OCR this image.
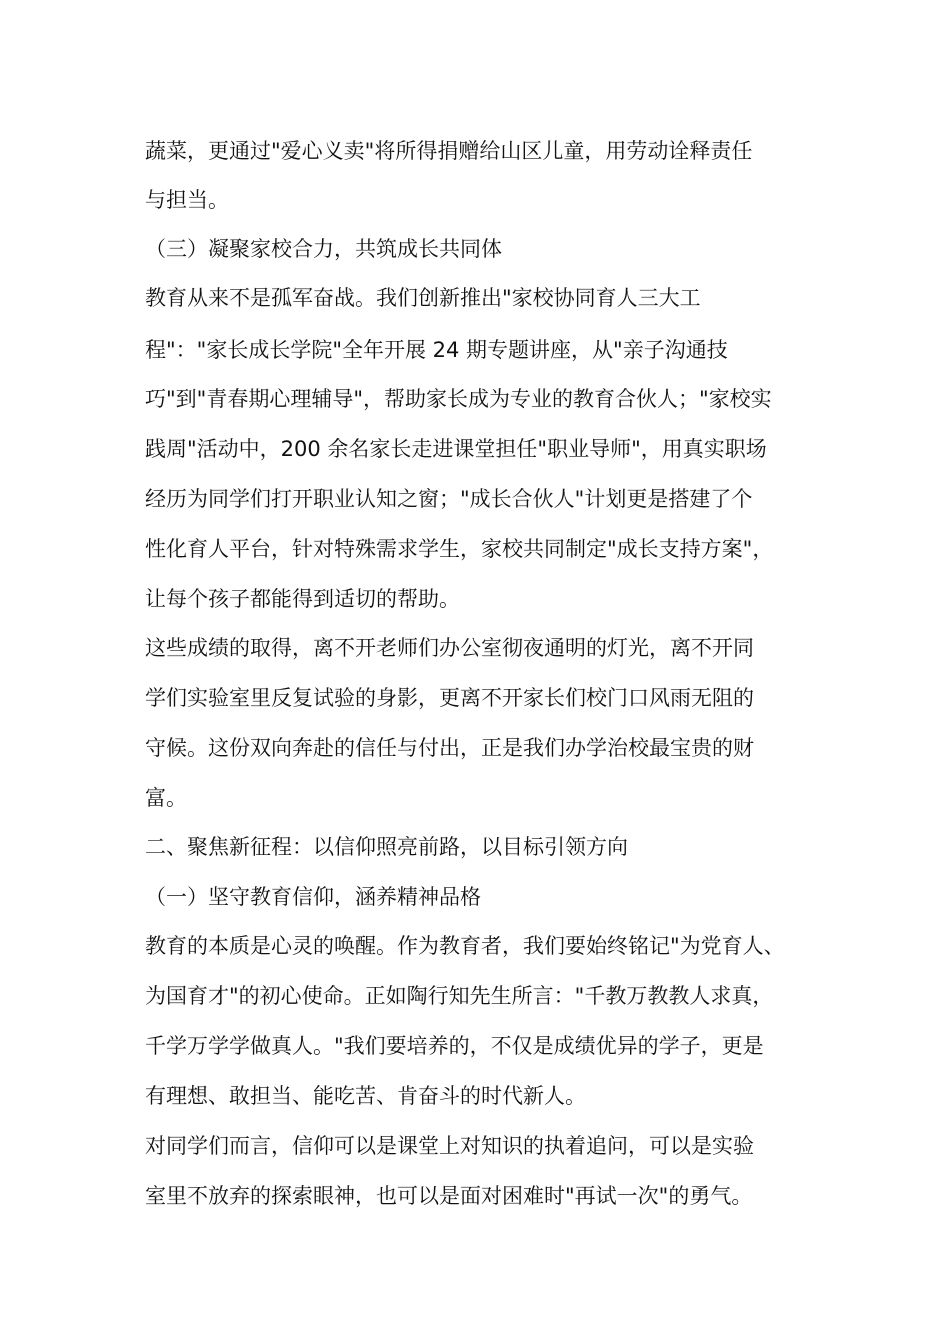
蔬菜，更通过"爱心义卖"将所得捐赠给山区儿童，用劳动诠释责任

与担当。

（三）凝聚家校合力，共筑成长共同体

教育从来不是孤军奋战。我们创新推出"家校协同育人三大工

程"："家长成长学院"全年开展 24 期专题讲座，从"亲子沟通技

巧"到"青春期心理辅导"，帮助家长成为专业的教育合伙人；"家校实

践周"活动中，200 余名家长走进课堂担任"职业导师"，用真实职场

经历为同学们打开职业认知之窗；"成长合伙人"计划更是搭建了个

性化育人平台，针对特殊需求学生，家校共同制定"成长支持方案"，

让每个孩子都能得到适切的帮助。

这些成绩的取得，离不开老师们办公室彻夜通明的灯光，离不开同

学们实验室里反复试验的身影，更离不开家长们校门口风雨无阻的

守候。这份双向奔赴的信任与付出，正是我们办学治校最宝贵的财

富。

二、聚焦新征程：以信仰照亮前路，以目标引领方向

（一）坚守教育信仰，涵养精神品格

教育的本质是心灵的唤醒。作为教育者，我们要始终铭记"为党育人、

为国育才"的初心使命。正如陶行知先生所言："千教万教教人求真，

千学万学学做真人。"我们要培养的，不仅是成绩优异的学子，更是

有理想、敢担当、能吃苦、肯奋斗的时代新人。

对同学们而言，信仰可以是课堂上对知识的执着追问，可以是实验

室里不放弃的探索眼神，也可以是面对困难时"再试一次"的勇气。
